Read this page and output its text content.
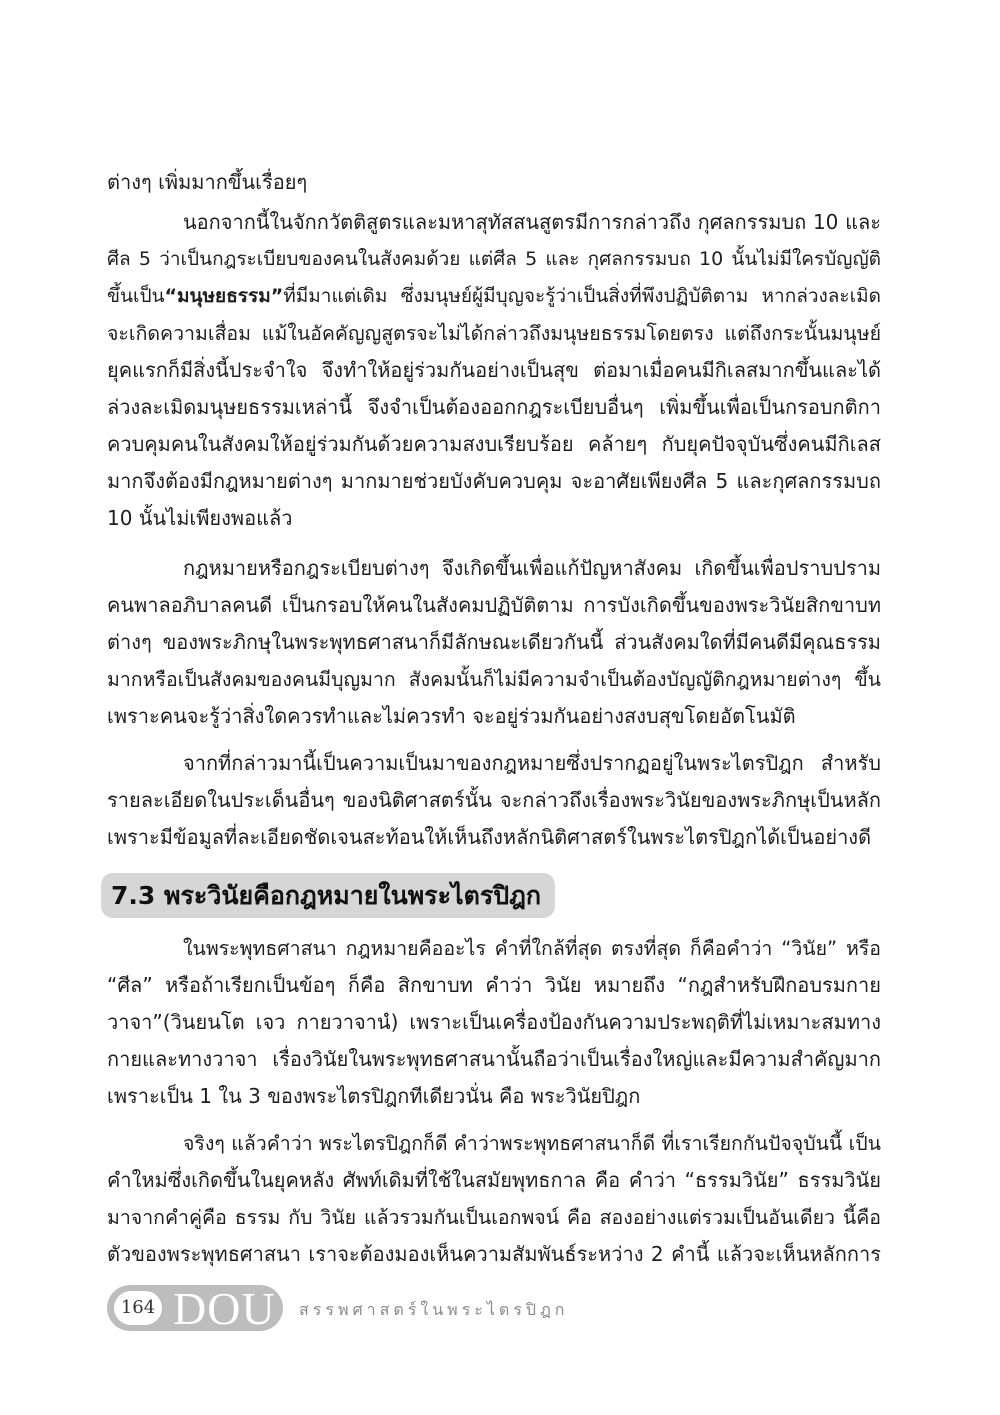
ต่างๆ เพิ่มมากขึ้นเรื่อยๆ
นอกจากนี้ในจักกวัตติสูตรและมหาสุทัสสนสูตรมีการกล่าวถึง กุศลกรรมบถ 10 และ
ศีล 5 ว่าเป็นกฎระเบียบของคนในสังคมด้วย แต่ศีล 5 และ กุศลกรรมบถ 10 นั้นไม่มีใครบัญญัติ
ขึ้นเป็น“มนุษยธรรม”ที่มีมาแต่เดิม ซึ่งมนุษย์ผู้มีบุญจะรู้ว่าเป็นสิ่งที่พึงปฏิบัติตาม หากล่วงละเมิด
จะเกิดความเสื่อม แม้ในอัคคัญญสูตรจะไม่ได้กล่าวถึงมนุษยธรรมโดยตรง แต่ถึงกระนั้นมนุษย์
ยุคแรกก็มีสิ่งนี้ประจำใจ จึงทำให้อยู่ร่วมกันอย่างเป็นสุข ต่อมาเมื่อคนมีกิเลสมากขึ้นและได้
ล่วงละเมิดมนุษยธรรมเหล่านี้ จึงจำเป็นต้องออกกฎระเบียบอื่นๆ เพิ่มขึ้นเพื่อเป็นกรอบกติกา
ควบคุมคนในสังคมให้อยู่ร่วมกันด้วยความสงบเรียบร้อย คล้ายๆ กับยุคปัจจุบันซึ่งคนมีกิเลส
มากจึงต้องมีกฎหมายต่างๆ มากมายช่วยบังคับควบคุม จะอาศัยเพียงศีล 5 และกุศลกรรมบถ
10 นั้นไม่เพียงพอแล้ว
กฎหมายหรือกฎระเบียบต่างๆ จึงเกิดขึ้นเพื่อแก้ปัญหาสังคม เกิดขึ้นเพื่อปราบปราม
คนพาลอภิบาลคนดี เป็นกรอบให้คนในสังคมปฏิบัติตาม การบังเกิดขึ้นของพระวินัยสิกขาบท
ต่างๆ ของพระภิกษุในพระพุทธศาสนาก็มีลักษณะเดียวกันนี้ ส่วนสังคมใดที่มีคนดีมีคุณธรรม
มากหรือเป็นสังคมของคนมีบุญมาก สังคมนั้นก็ไม่มีความจำเป็นต้องบัญญัติกฎหมายต่างๆ ขึ้น
เพราะคนจะรู้ว่าสิ่งใดควรทำและไม่ควรทำ จะอยู่ร่วมกันอย่างสงบสุขโดยอัตโนมัติ
จากที่กล่าวมานี้เป็นความเป็นมาของกฎหมายซึ่งปรากฏอยู่ในพระไตรปิฎก สำหรับ
รายละเอียดในประเด็นอื่นๆ ของนิติศาสตร์นั้น จะกล่าวถึงเรื่องพระวินัยของพระภิกษุเป็นหลัก
เพราะมีข้อมูลที่ละเอียดชัดเจนสะท้อนให้เห็นถึงหลักนิติศาสตร์ในพระไตรปิฎกได้เป็นอย่างดี
7.3 พระวินัยคือกฎหมายในพระไตรปิฎก
ในพระพุทธศาสนา กฎหมายคืออะไร คำที่ใกล้ที่สุด ตรงที่สุด ก็คือคำว่า “วินัย” หรือ
“ศีล” หรือถ้าเรียกเป็นข้อๆ ก็คือ สิกขาบท คำว่า วินัย หมายถึง “กฎสำหรับฝึกอบรมกาย
วาจา”(วินยนโต เจว กายวาจานํ) เพราะเป็นเครื่องป้องกันความประพฤติที่ไม่เหมาะสมทาง
กายและทางวาจา เรื่องวินัยในพระพุทธศาสนานั้นถือว่าเป็นเรื่องใหญ่และมีความสำคัญมาก
เพราะเป็น 1 ใน 3 ของพระไตรปิฎกทีเดียวนั่น คือ พระวินัยปิฎก
จริงๆ แล้วคำว่า พระไตรปิฎกก็ดี คำว่าพระพุทธศาสนาก็ดี ที่เราเรียกกันปัจจุบันนี้ เป็น
คำใหม่ซึ่งเกิดขึ้นในยุคหลัง ศัพท์เดิมที่ใช้ในสมัยพุทธกาล คือ คำว่า “ธรรมวินัย” ธรรมวินัย
มาจากคำคู่คือ ธรรม กับ วินัย แล้วรวมกันเป็นเอกพจน์ คือ สองอย่างแต่รวมเป็นอันเดียว นี้คือ
ตัวของพระพุทธศาสนา เราจะต้องมองเห็นความสัมพันธ์ระหว่าง 2 คำนี้ แล้วจะเห็นหลักการ
164 DOU สรรพศาสตร์ในพระไตรปิฎก
